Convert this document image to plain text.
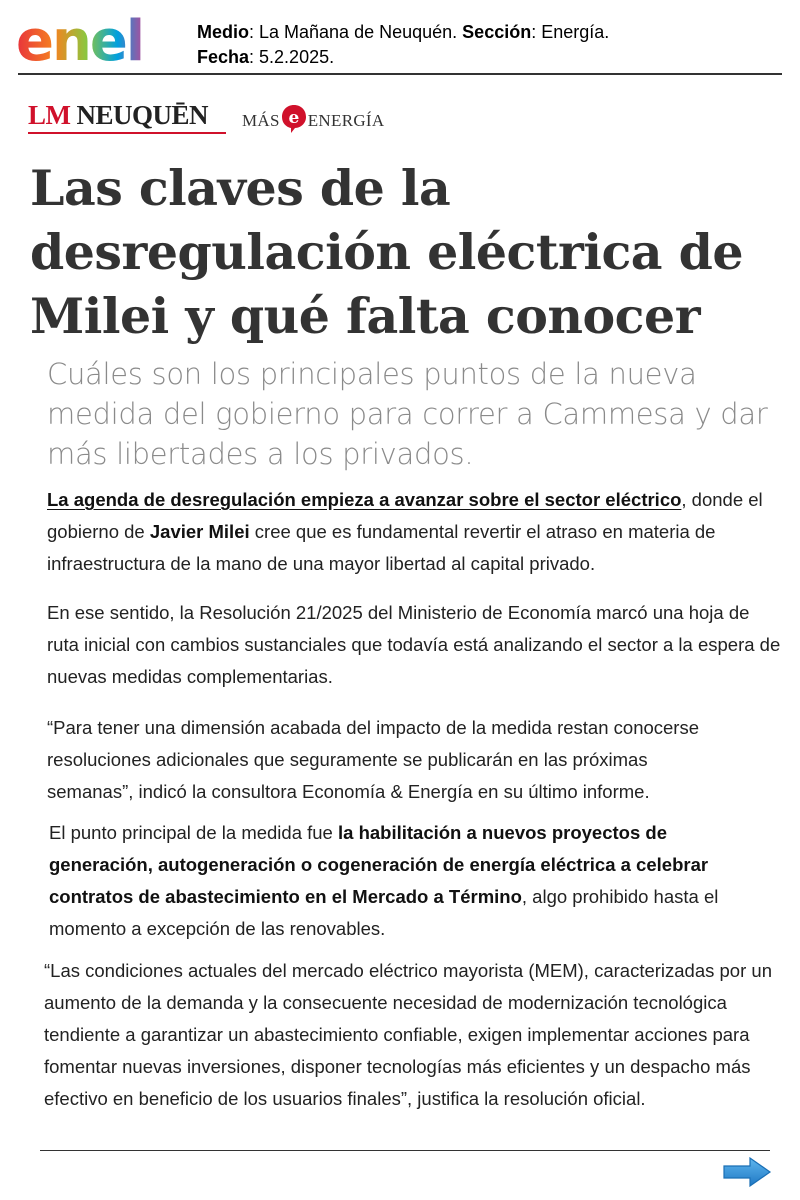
enel	Medio: La Mañana de Neuquén. Sección: Energía.
Fecha: 5.2.2025.
LM NEUQUĒN MÁS e ENERGÍA
Las claves de la desregulación eléctrica de Milei y qué falta conocer

Cuáles son los principales puntos de la nueva medida del gobierno para correr a Cammesa y dar más libertades a los privados.

La agenda de desregulación empieza a avanzar sobre el sector eléctrico, donde el gobierno de Javier Milei cree que es fundamental revertir el atraso en materia de infraestructura de la mano de una mayor libertad al capital privado.

En ese sentido, la Resolución 21/2025 del Ministerio de Economía marcó una hoja de ruta inicial con cambios sustanciales que todavía está analizando el sector a la espera de nuevas medidas complementarias.

“Para tener una dimensión acabada del impacto de la medida restan conocerse resoluciones adicionales que seguramente se publicarán en las próximas semanas”, indicó la consultora Economía & Energía en su último informe.

El punto principal de la medida fue la habilitación a nuevos proyectos de generación, autogeneración o cogeneración de energía eléctrica a celebrar contratos de abastecimiento en el Mercado a Término, algo prohibido hasta el momento a excepción de las renovables.

“Las condiciones actuales del mercado eléctrico mayorista (MEM), caracterizadas por un aumento de la demanda y la consecuente necesidad de modernización tecnológica tendiente a garantizar un abastecimiento confiable, exigen implementar acciones para fomentar nuevas inversiones, disponer tecnologías más eficientes y un despacho más efectivo en beneficio de los usuarios finales”, justifica la resolución oficial.
